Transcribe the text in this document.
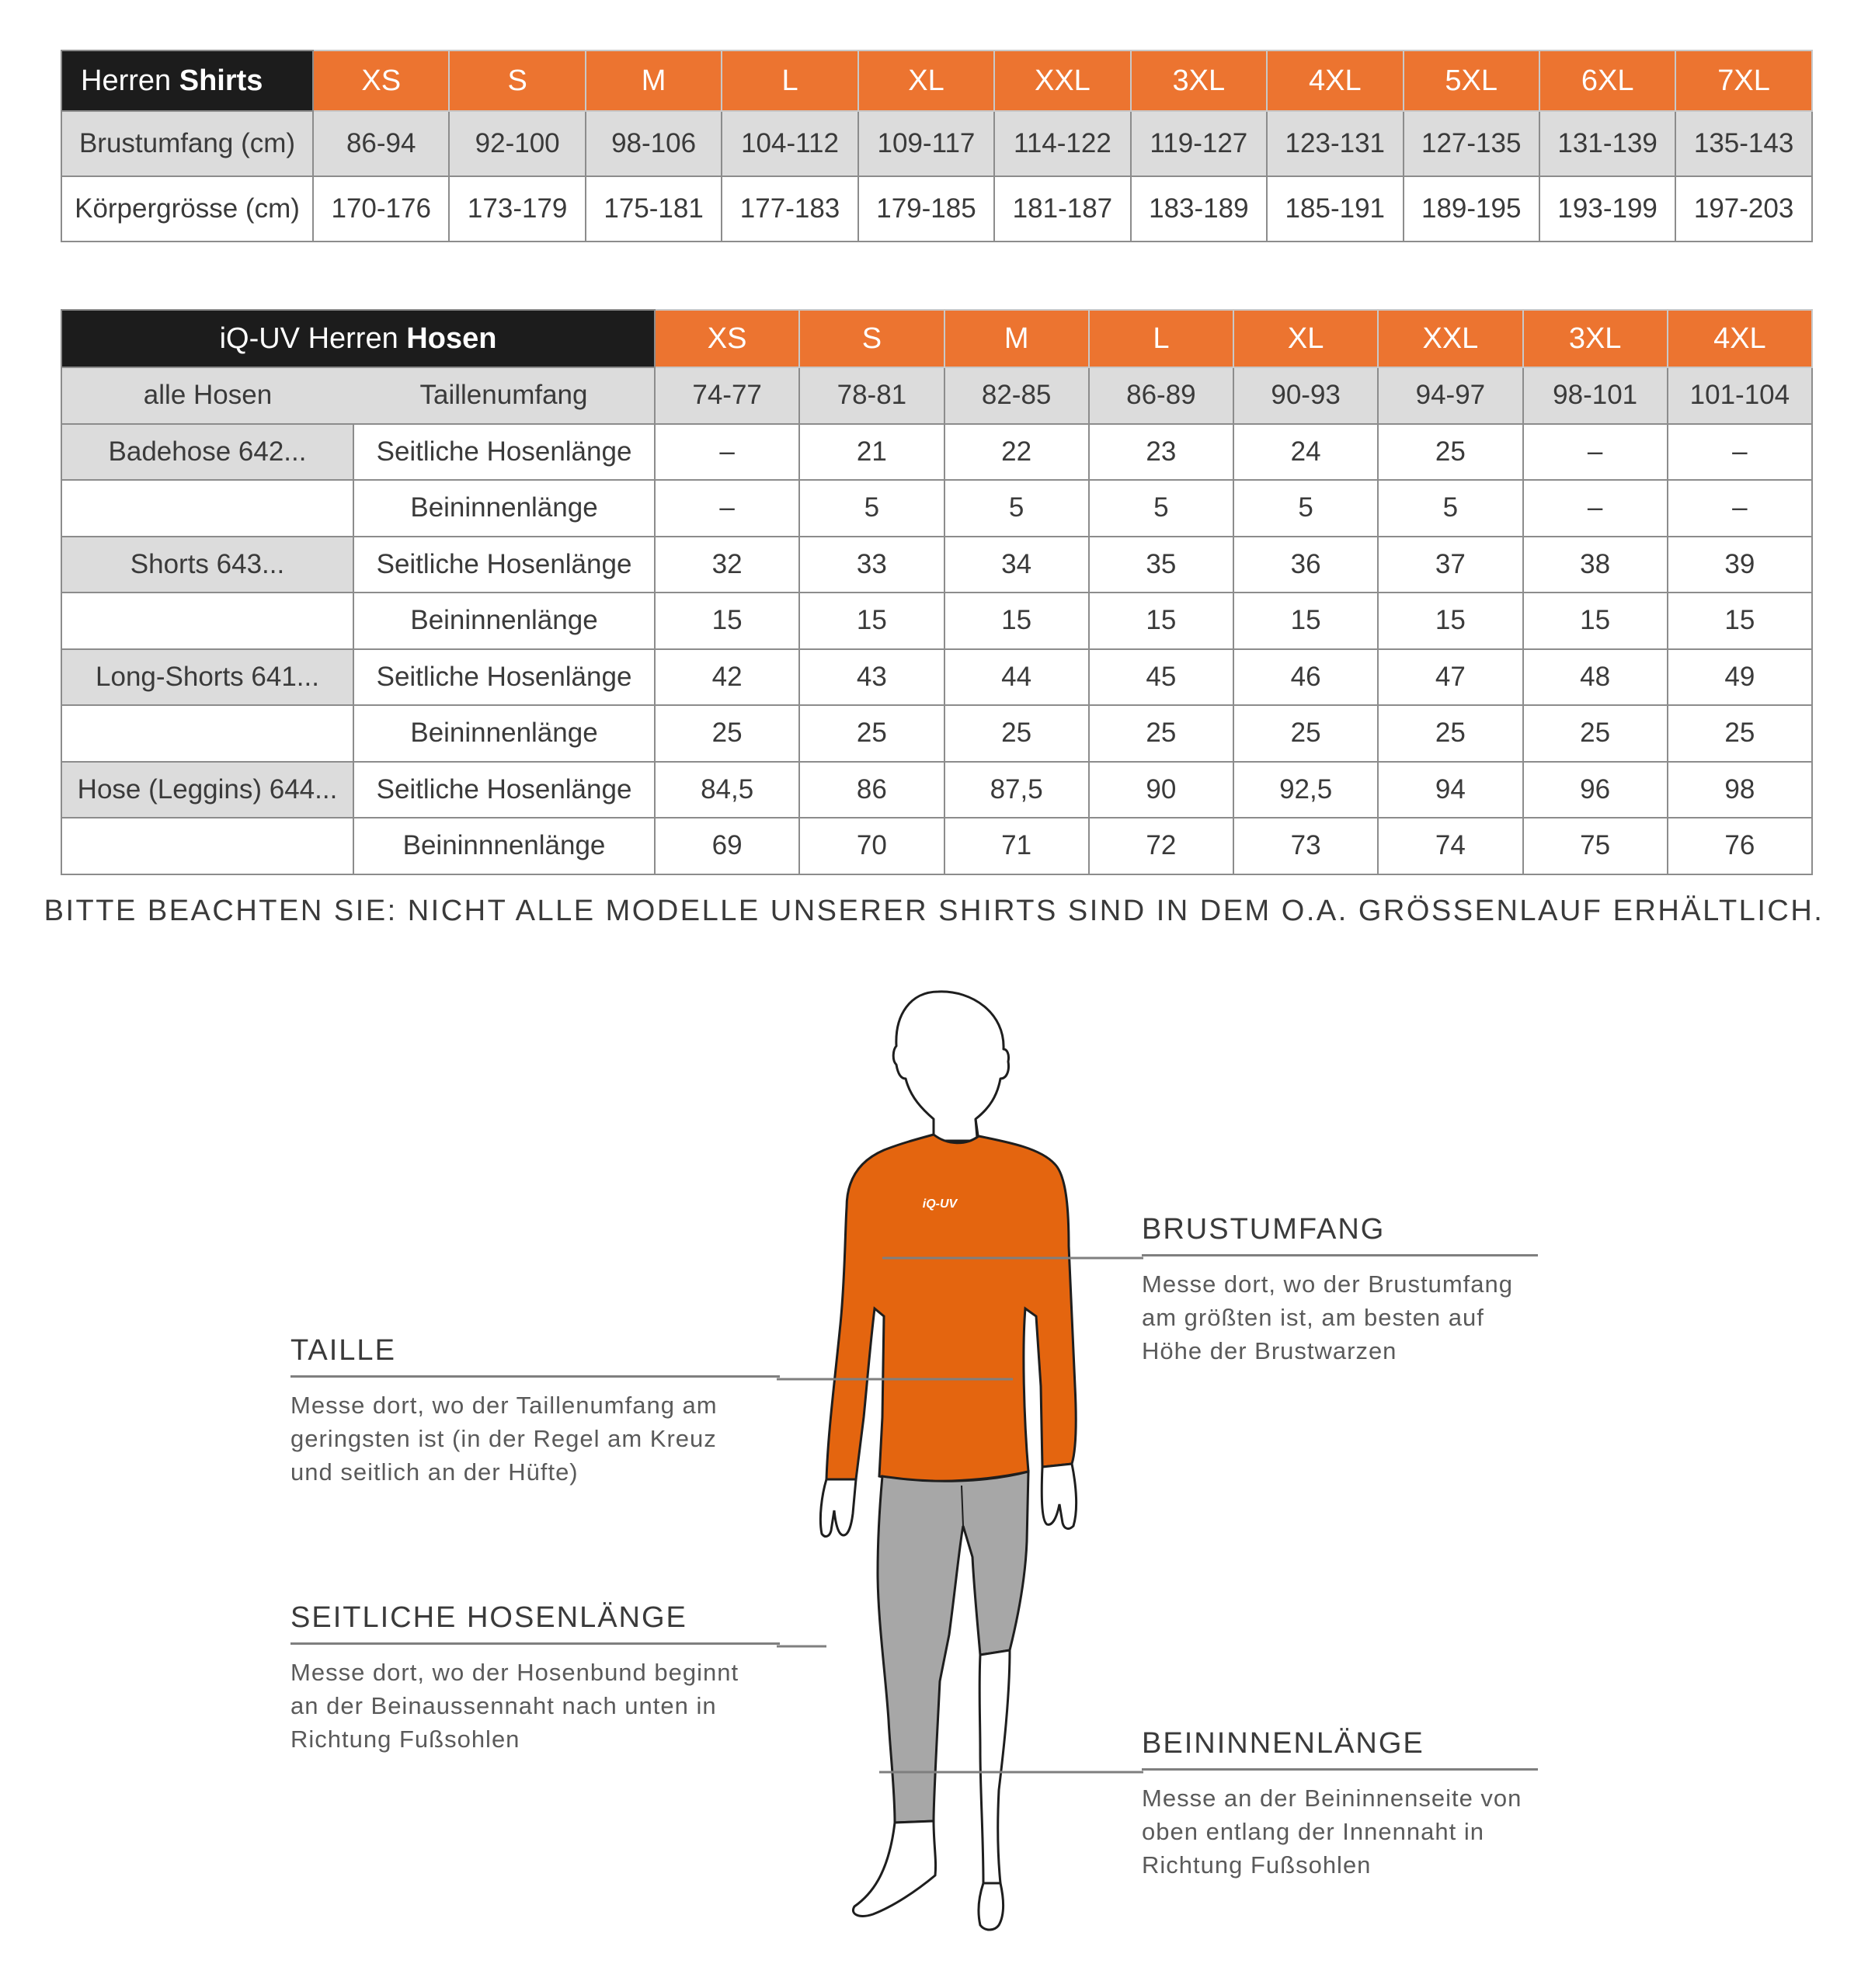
Herren Shirts	XS	S	M	L	XL	XXL	3XL	4XL	5XL	6XL	7XL
Brustumfang (cm)	86-94	92-100	98-106	104-112	109-117	114-122	119-127	123-131	127-135	131-139	135-143
Körpergrösse (cm)	170-176	173-179	175-181	177-183	179-185	181-187	183-189	185-191	189-195	193-199	197-203
iQ-UV Herren Hosen		XS	S	M	L	XL	XXL	3XL	4XL
alle Hosen	Taillenumfang	74-77	78-81	82-85	86-89	90-93	94-97	98-101	101-104
Badehose 642...	Seitliche Hosenlänge	–	21	22	23	24	25	–	–
	Beininnenlänge	–	5	5	5	5	5	–	–
Shorts 643...	Seitliche Hosenlänge	32	33	34	35	36	37	38	39
	Beininnenlänge	15	15	15	15	15	15	15	15
Long-Shorts 641...	Seitliche Hosenlänge	42	43	44	45	46	47	48	49
	Beininnenlänge	25	25	25	25	25	25	25	25
Hose (Leggins) 644...	Seitliche Hosenlänge	84,5	86	87,5	90	92,5	94	96	98
	Beininnnenlänge	69	70	71	72	73	74	75	76
BITTE BEACHTEN SIE: NICHT ALLE MODELLE UNSERER SHIRTS SIND IN DEM O.A. GRÖSSENLAUF ERHÄLTLICH.
iQ-UV
BRUSTUMFANG
Messe dort, wo der Brustumfang
am größten ist, am besten auf
Höhe der Brustwarzen
TAILLE
Messe dort, wo der Taillenumfang am
geringsten ist (in der Regel am Kreuz
und seitlich an der Hüfte)
SEITLICHE HOSENLÄNGE
Messe dort, wo der Hosenbund beginnt
an der Beinaussennaht nach unten in
Richtung Fußsohlen	BEININNENLÄNGE
Messe an der Beininnenseite von
oben entlang der Innennaht in
Richtung Fußsohlen
